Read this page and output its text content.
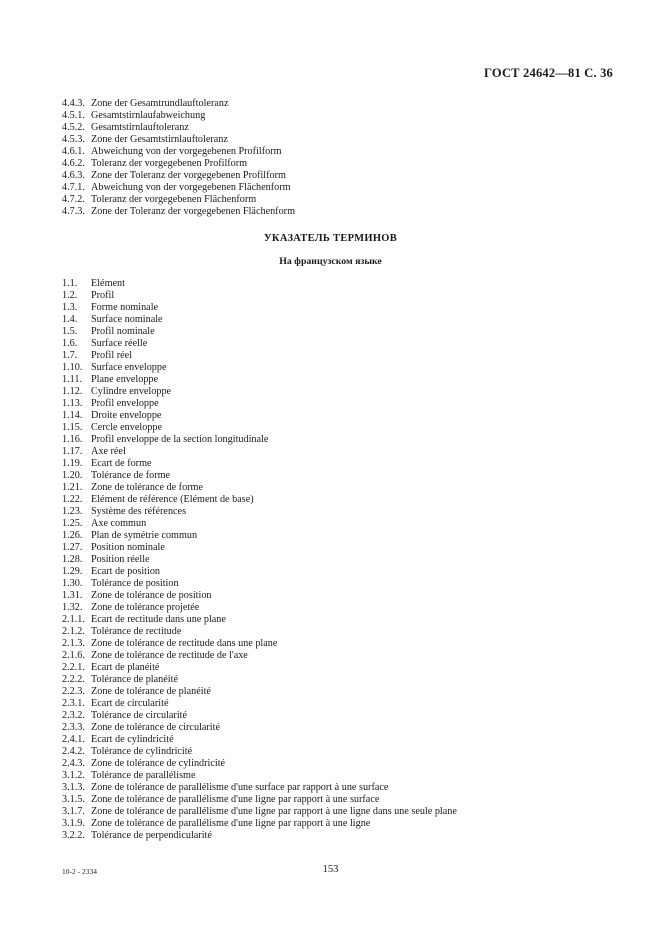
ГОСТ 24642—81 С. 36
4.4.3. Zone der Gesamtrundlauftoleranz
4.5.1. Gesamtstirnlaufabweichung
4.5.2. Gesamtstirnlauftoleranz
4.5.3. Zone der Gesamtstirnlauftoleranz
4.6.1. Abweichung von der vorgegebenen Profilform
4.6.2. Toleranz der vorgegebenen Profilform
4.6.3. Zone der Toleranz der vorgegebenen Profilform
4.7.1. Abweichung von der vorgegebenen Flächenform
4.7.2. Toleranz der vorgegebenen Flächenform
4.7.3. Zone der Toleranz der vorgegebenen Flächenform
УКАЗАТЕЛЬ ТЕРМИНОВ
На французском языке
1.1. Elément
1.2. Profil
1.3. Forme nominale
1.4. Surface nominale
1.5. Profil nominale
1.6. Surface réelle
1.7. Profil réel
1.10. Surface enveloppe
1.11. Plane enveloppe
1.12. Cylindre enveloppe
1.13. Profil enveloppe
1.14. Droite enveloppe
1.15. Cercle enveloppe
1.16. Profil enveloppe de la section longitudinale
1.17. Axe réel
1.19. Ecart de forme
1.20. Tolérance de forme
1.21. Zone de tolérance de forme
1.22. Elément de référence (Elément de base)
1.23. Système des références
1.25. Axe commun
1.26. Plan de symétrie commun
1.27. Position nominale
1.28. Position réelle
1.29. Ecart de position
1.30. Tolérance de position
1.31. Zone de tolérance de position
1.32. Zone de tolérance projetée
2.1.1. Ecart de rectitude dans une plane
2.1.2. Tolérance de rectitude
2.1.3. Zone de tolérance de rectitude dans une plane
2.1.6. Zone de tolérance de rectitude de l'axe
2.2.1. Ecart de planéité
2.2.2. Tolérance de planéité
2.2.3. Zone de tolérance de planéité
2.3.1. Ecart de circularité
2.3.2. Tolérance de circularité
2.3.3. Zone de tolérance de circularité
2.4.1. Ecart de cylindricité
2.4.2. Tolérance de cylindricité
2.4.3. Zone de tolérance de cylindricité
3.1.2. Tolérance de parallélisme
3.1.3. Zone de tolérance de parallélisme d'une surface par rapport à une surface
3.1.5. Zone de tolérance de parallélisme d'une ligne par rapport à une surface
3.1.7. Zone de tolérance de parallélisme d'une ligne par rapport à une ligne dans une seule plane
3.1.9. Zone de tolérance de parallélisme d'une ligne par rapport à une ligne
3.2.2. Tolérance de perpendicularité
10-2 - 2334	153
